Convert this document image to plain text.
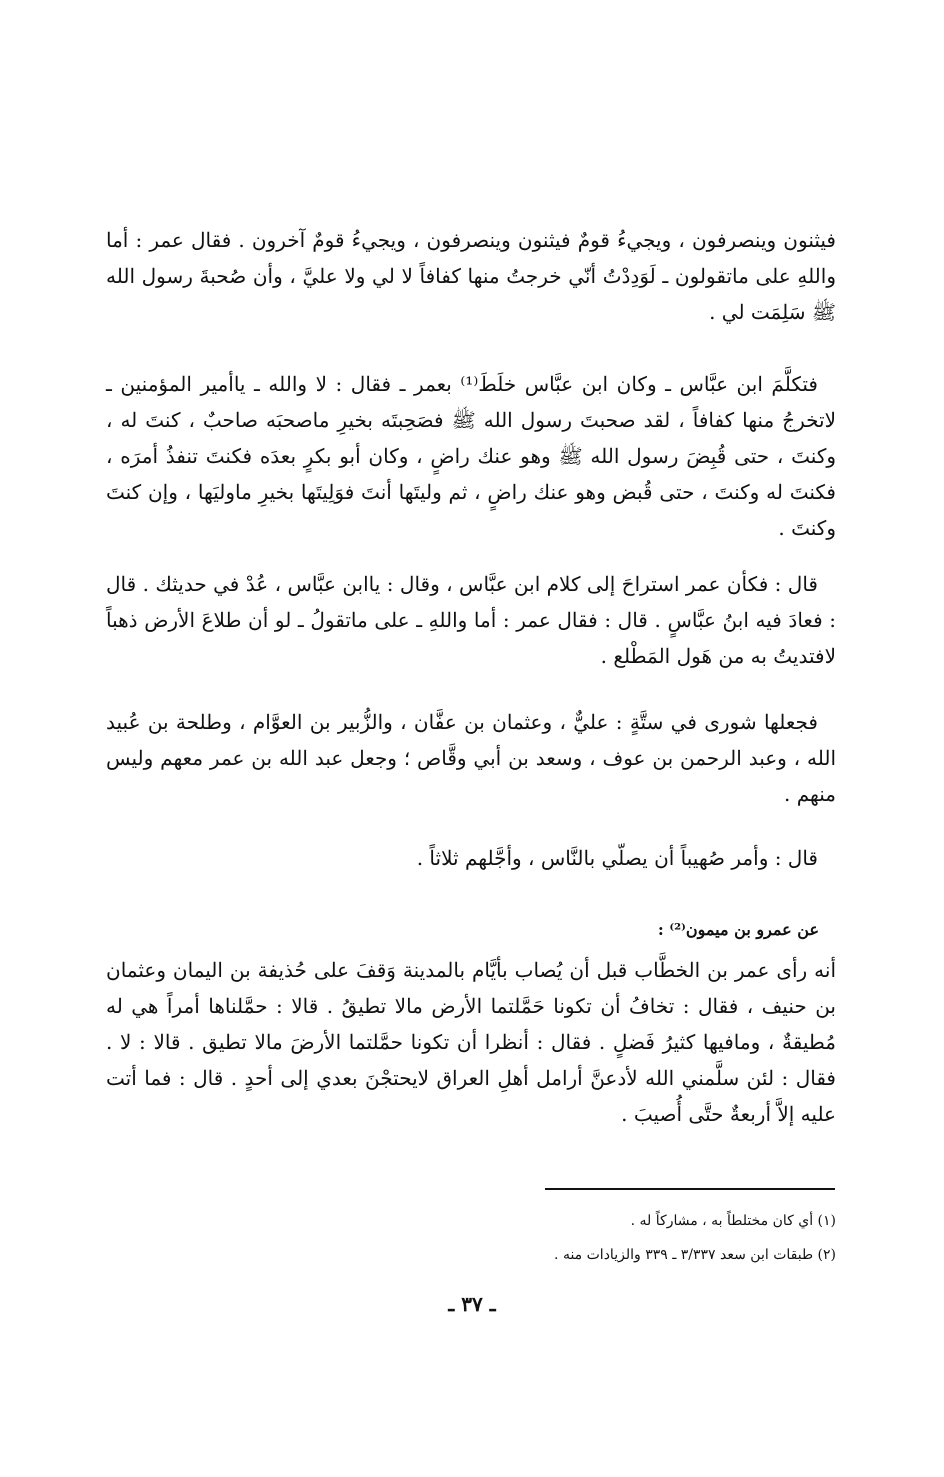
فيثنون وينصرفون ، ويجيءُ قومٌ فيثنون وينصرفون ، ويجيءُ قومٌ آخرون . فقال عمر : أما واللهِ على ماتقولون ـ لَوَدِدْتُ أنّي خرجتُ منها كفافاً لا لي ولا عليَّ ، وأن صُحبةَ رسول الله ﷺ سَلِمَت لي .

فتكلَّمَ ابن عبَّاس ـ وكان ابن عبَّاس خلَطَ⁽¹⁾ بعمر ـ فقال : لا والله ـ ياأمير المؤمنين ـ لاتخرجُ منها كفافاً ، لقد صحبتَ رسول الله ﷺ فصَحِبتَه بخيرِ ماصحبَه صاحبٌ ، كنتَ له ، وكنتَ ، حتى قُبِضَ رسول الله ﷺ وهو عنك راضٍ ، وكان أبو بكرٍ بعدَه فكنتَ تنفذُ أمرَه ، فكنتَ له وكنتَ ، حتى قُبض وهو عنك راضٍ ، ثم وليتَها أنتَ فوَلِيتَها بخيرِ ماوليَها ، وإن كنتَ وكنتَ .

قال : فكأن عمر استراحَ إلى كلام ابن عبَّاس ، وقال : ياابن عبَّاس ، عُدْ في حديثك . قال : فعادَ فيه ابنُ عبَّاسٍ . قال : فقال عمر : أما واللهِ ـ على ماتقولُ ـ لو أن طلاعَ الأرض ذهباً لافتديتُ به من هَول المَطْلع .

فجعلها شورى في ستَّةٍ : عليٌّ ، وعثمان بن عفَّان ، والزُّبير بن العوَّام ، وطلحة بن عُبيد الله ، وعبد الرحمن بن عوف ، وسعد بن أبي وقَّاص ؛ وجعل عبد الله بن عمر معهم وليس منهم .

قال : وأمر صُهيباً أن يصلّي بالنَّاس ، وأجَّلهم ثلاثاً .

عن عمرو بن ميمون⁽²⁾ :

أنه رأى عمر بن الخطَّاب قبل أن يُصاب بأيَّام بالمدينة وَقفَ على حُذيفة بن اليمان وعثمان بن حنيف ، فقال : تخافُ أن تكونا حَمَّلتما الأرض مالا تطيقُ . قالا : حمَّلناها أمراً هي له مُطيقةٌ ، ومافيها كثيرُ فَضلٍ . فقال : أنظرا أن تكونا حمَّلتما الأرضَ مالا تطيق . قالا : لا . فقال : لئن سلَّمني الله لأدعنَّ أرامل أهلِ العراق لايحتجْنَ بعدي إلى أحدٍ . قال : فما أتت عليه إلاَّ أربعةٌ حتَّى أُصيبَ .

(١) أي كان مختلطاً به ، مشاركاً له .
(٢) طبقات ابن سعد ٣/٣٣٧ ـ ٣٣٩ والزيادات منه .
ـ ٣٧ ـ
